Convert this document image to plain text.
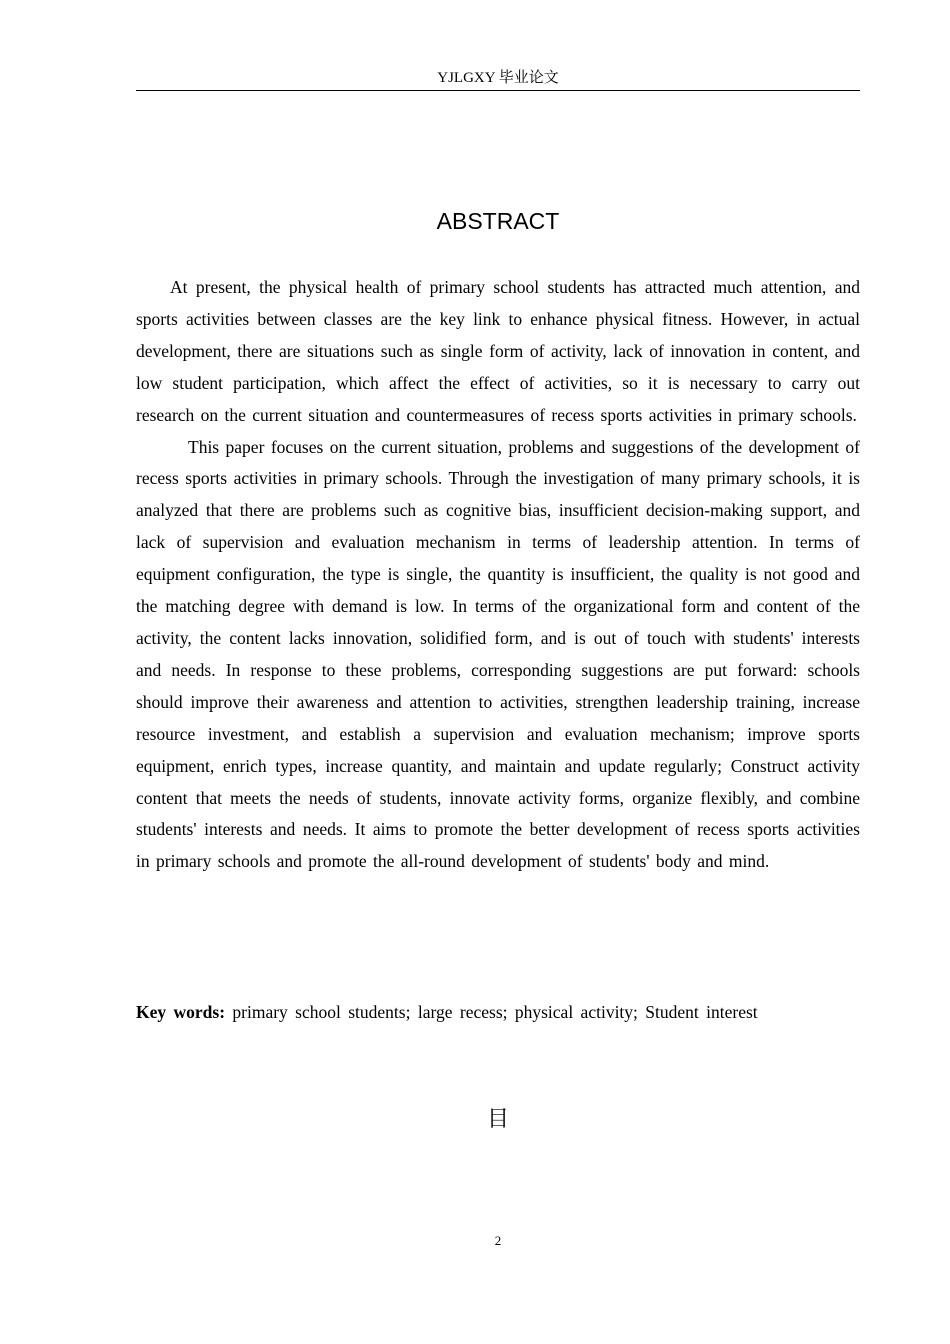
YJLGXY 毕业论文
ABSTRACT

At present, the physical health of primary school students has attracted much attention, and sports activities between classes are the key link to enhance physical fitness. However, in actual development, there are situations such as single form of activity, lack of innovation in content, and low student participation, which affect the effect of activities, so it is necessary to carry out research on the current situation and countermeasures of recess sports activities in primary schools.

This paper focuses on the current situation, problems and suggestions of the development of recess sports activities in primary schools. Through the investigation of many primary schools, it is analyzed that there are problems such as cognitive bias, insufficient decision-making support, and lack of supervision and evaluation mechanism in terms of leadership attention. In terms of equipment configuration, the type is single, the quantity is insufficient, the quality is not good and the matching degree with demand is low. In terms of the organizational form and content of the activity, the content lacks innovation, solidified form, and is out of touch with students' interests and needs. In response to these problems, corresponding suggestions are put forward: schools should improve their awareness and attention to activities, strengthen leadership training, increase resource investment, and establish a supervision and evaluation mechanism; improve sports equipment, enrich types, increase quantity, and maintain and update regularly; Construct activity content that meets the needs of students, innovate activity forms, organize flexibly, and combine students' interests and needs. It aims to promote the better development of recess sports activities in primary schools and promote the all-round development of students' body and mind.

Key words: primary school students; large recess; physical activity; Student interest
目
2
